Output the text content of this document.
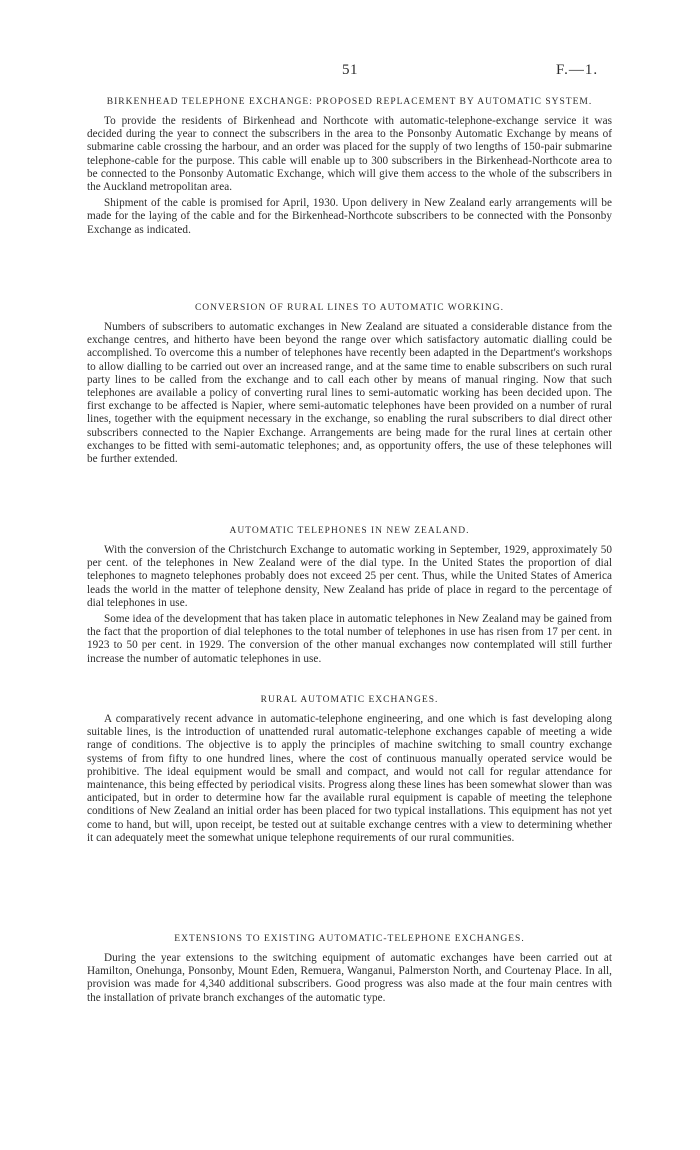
51	F.—1.
BIRKENHEAD TELEPHONE EXCHANGE: PROPOSED REPLACEMENT BY AUTOMATIC SYSTEM.

To provide the residents of Birkenhead and Northcote with automatic-telephone-exchange service it was decided during the year to connect the subscribers in the area to the Ponsonby Automatic Exchange by means of submarine cable crossing the harbour, and an order was placed for the supply of two lengths of 150-pair submarine telephone-cable for the purpose. This cable will enable up to 300 subscribers in the Birkenhead-Northcote area to be connected to the Ponsonby Automatic Exchange, which will give them access to the whole of the subscribers in the Auckland metropolitan area.

Shipment of the cable is promised for April, 1930. Upon delivery in New Zealand early arrangements will be made for the laying of the cable and for the Birkenhead-Northcote subscribers to be connected with the Ponsonby Exchange as indicated.

CONVERSION OF RURAL LINES TO AUTOMATIC WORKING.

Numbers of subscribers to automatic exchanges in New Zealand are situated a considerable distance from the exchange centres, and hitherto have been beyond the range over which satisfactory automatic dialling could be accomplished. To overcome this a number of telephones have recently been adapted in the Department's workshops to allow dialling to be carried out over an increased range, and at the same time to enable subscribers on such rural party lines to be called from the exchange and to call each other by means of manual ringing. Now that such telephones are available a policy of converting rural lines to semi-automatic working has been decided upon. The first exchange to be affected is Napier, where semi-automatic telephones have been provided on a number of rural lines, together with the equipment necessary in the exchange, so enabling the rural subscribers to dial direct other subscribers connected to the Napier Exchange. Arrangements are being made for the rural lines at certain other exchanges to be fitted with semi-automatic telephones; and, as opportunity offers, the use of these telephones will be further extended.

AUTOMATIC TELEPHONES IN NEW ZEALAND.

With the conversion of the Christchurch Exchange to automatic working in September, 1929, approximately 50 per cent. of the telephones in New Zealand were of the dial type. In the United States the proportion of dial telephones to magneto telephones probably does not exceed 25 per cent. Thus, while the United States of America leads the world in the matter of telephone density, New Zealand has pride of place in regard to the percentage of dial telephones in use.

Some idea of the development that has taken place in automatic telephones in New Zealand may be gained from the fact that the proportion of dial telephones to the total number of telephones in use has risen from 17 per cent. in 1923 to 50 per cent. in 1929. The conversion of the other manual exchanges now contemplated will still further increase the number of automatic telephones in use.

RURAL AUTOMATIC EXCHANGES.

A comparatively recent advance in automatic-telephone engineering, and one which is fast developing along suitable lines, is the introduction of unattended rural automatic-telephone exchanges capable of meeting a wide range of conditions. The objective is to apply the principles of machine switching to small country exchange systems of from fifty to one hundred lines, where the cost of continuous manually operated service would be prohibitive. The ideal equipment would be small and compact, and would not call for regular attendance for maintenance, this being effected by periodical visits. Progress along these lines has been somewhat slower than was anticipated, but in order to determine how far the available rural equipment is capable of meeting the telephone conditions of New Zealand an initial order has been placed for two typical installations. This equipment has not yet come to hand, but will, upon receipt, be tested out at suitable exchange centres with a view to determining whether it can adequately meet the somewhat unique telephone requirements of our rural communities.

EXTENSIONS TO EXISTING AUTOMATIC-TELEPHONE EXCHANGES.

During the year extensions to the switching equipment of automatic exchanges have been carried out at Hamilton, Onehunga, Ponsonby, Mount Eden, Remuera, Wanganui, Palmerston North, and Courtenay Place. In all, provision was made for 4,340 additional subscribers. Good progress was also made at the four main centres with the installation of private branch exchanges of the automatic type.
